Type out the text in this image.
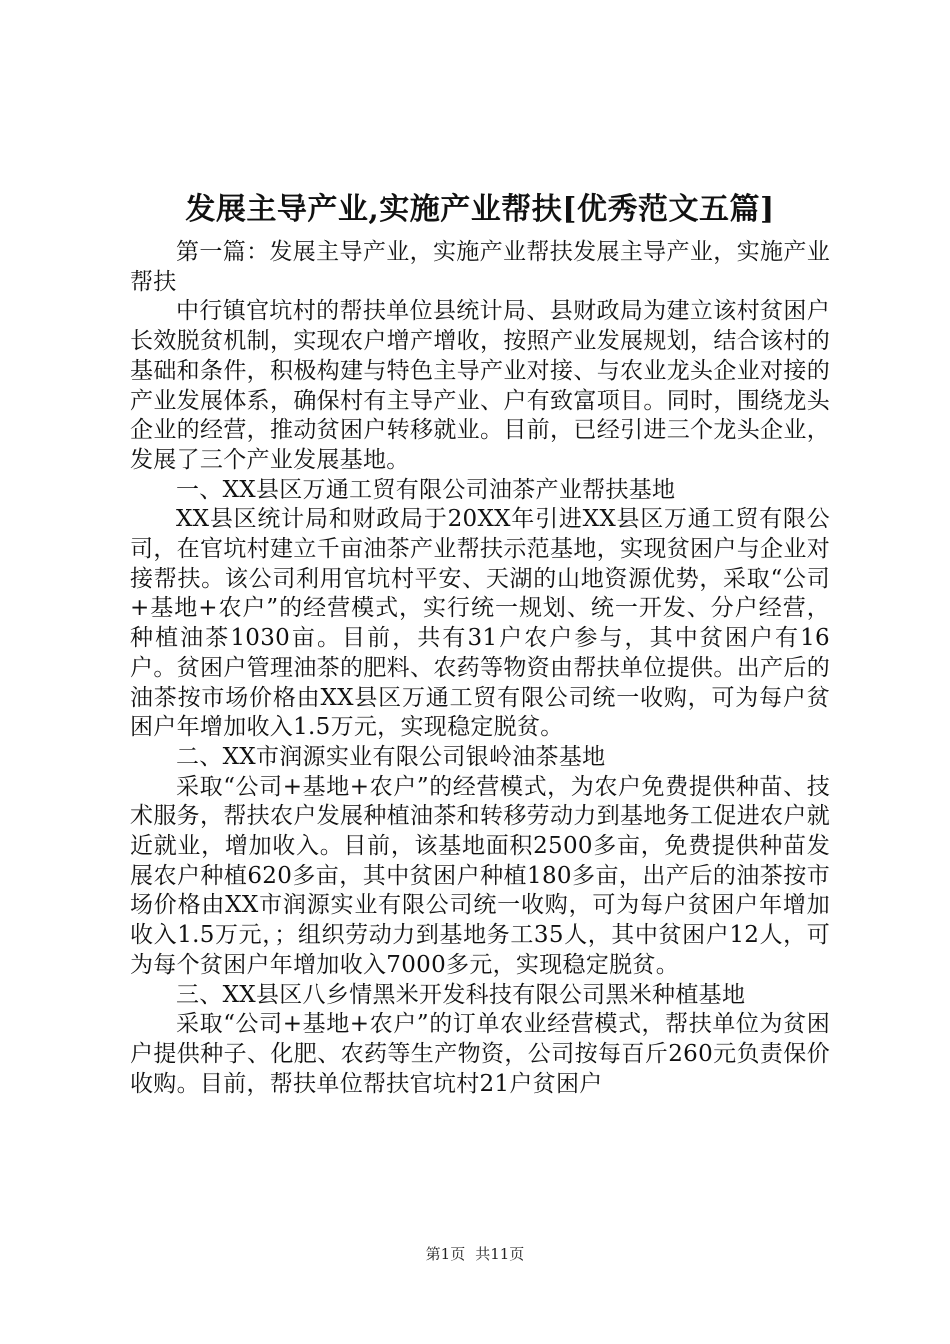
发展主导产业,实施产业帮扶[优秀范文五篇]

第一篇：发展主导产业，实施产业帮扶发展主导产业，实施产业帮扶

中行镇官坑村的帮扶单位县统计局、县财政局为建立该村贫困户长效脱贫机制，实现农户增产增收，按照产业发展规划，结合该村的基础和条件，积极构建与特色主导产业对接、与农业龙头企业对接的产业发展体系，确保村有主导产业、户有致富项目。同时，围绕龙头企业的经营，推动贫困户转移就业。目前，已经引进三个龙头企业，发展了三个产业发展基地。

一、XX县区万通工贸有限公司油茶产业帮扶基地

XX县区统计局和财政局于20XX年引进XX县区万通工贸有限公司，在官坑村建立千亩油茶产业帮扶示范基地，实现贫困户与企业对接帮扶。该公司利用官坑村平安、天湖的山地资源优势，采取“公司+基地+农户”的经营模式，实行统一规划、统一开发、分户经营，种植油茶1030亩。目前，共有31户农户参与，其中贫困户有16户。贫困户管理油茶的肥料、农药等物资由帮扶单位提供。出产后的油茶按市场价格由XX县区万通工贸有限公司统一收购，可为每户贫困户年增加收入1.5万元，实现稳定脱贫。

二、XX市润源实业有限公司银岭油茶基地

采取“公司+基地+农户”的经营模式，为农户免费提供种苗、技术服务，帮扶农户发展种植油茶和转移劳动力到基地务工促进农户就近就业，增加收入。目前，该基地面积2500多亩，免费提供种苗发展农户种植620多亩，其中贫困户种植180多亩，出产后的油茶按市场价格由XX市润源实业有限公司统一收购，可为每户贫困户年增加收入1.5万元，；组织劳动力到基地务工35人，其中贫困户12人，可为每个贫困户年增加收入7000多元，实现稳定脱贫。

三、XX县区八乡情黑米开发科技有限公司黑米种植基地

采取“公司+基地+农户”的订单农业经营模式，帮扶单位为贫困户提供种子、化肥、农药等生产物资，公司按每百斤260元负责保价收购。目前，帮扶单位帮扶官坑村21户贫困户

第1页 共11页
